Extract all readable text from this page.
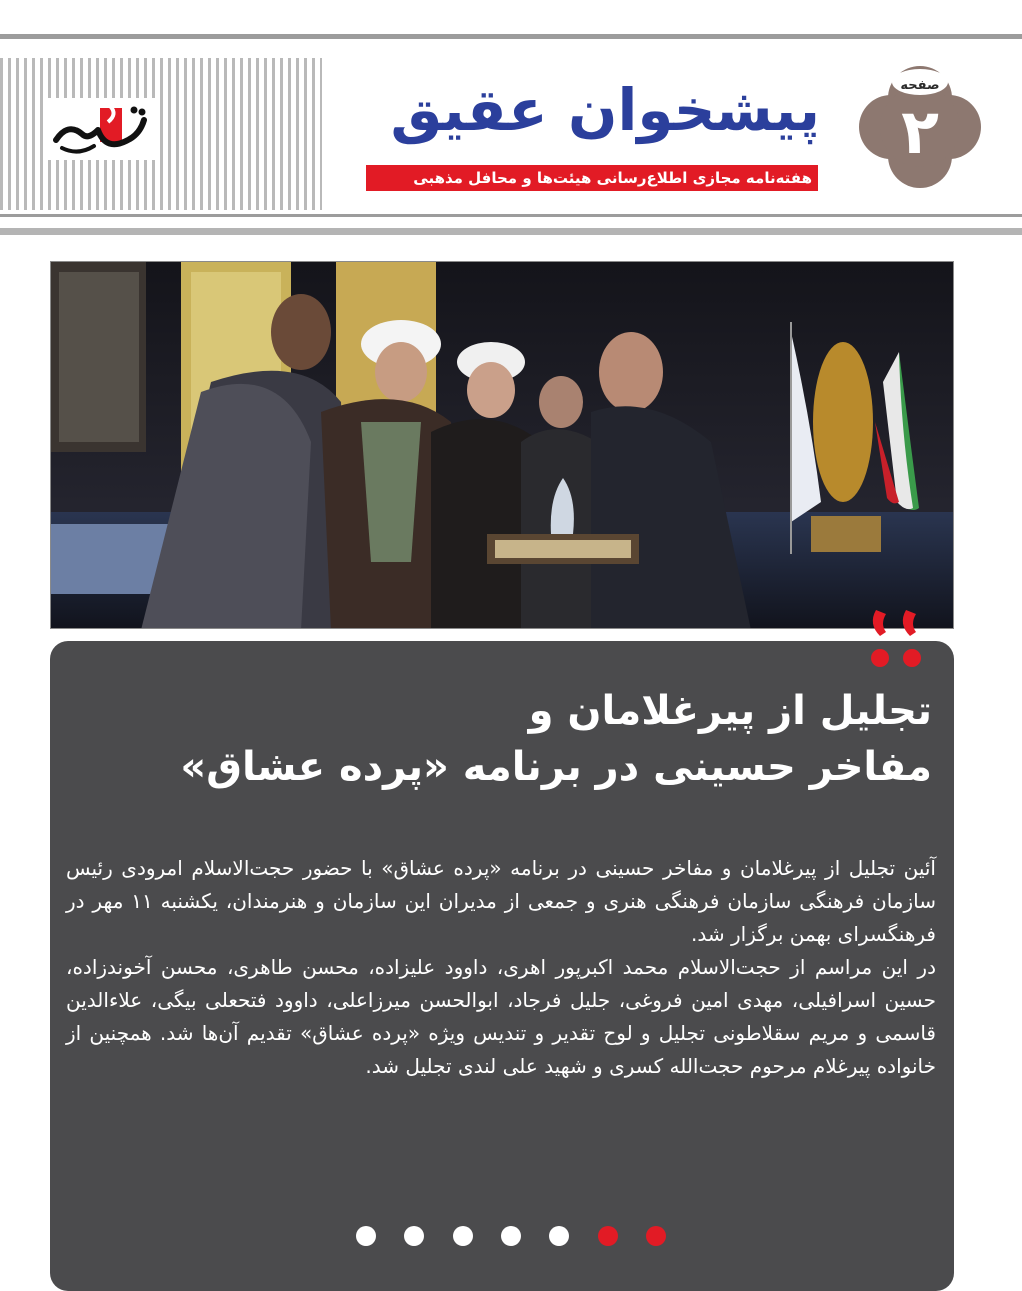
پیشخوان عقیق
هفته‌نامه مجازی اطلاع‌رسانی هیئت‌ها و محافل مذهبی
صفحه
۲
تجلیل از پیرغلامان و
مفاخر حسینی در برنامه «پرده عشاق»

آئین تجلیل از پیرغلامان و مفاخر حسینی در برنامه «پرده عشاق» با حضور حجت‌الاسلام امرودی رئیس سازمان فرهنگی سازمان فرهنگی هنری و جمعی از مدیران این سازمان و هنرمندان، یکشنبه ۱۱ مهر در فرهنگسرای بهمن برگزار شد.

در این مراسم از حجت‌الاسلام محمد اکبرپور اهری، داوود علیزاده، محسن طاهری، محسن آخوندزاده، حسین اسرافیلی، مهدی امین فروغی، جلیل فرجاد، ابوالحسن میرزاعلی، داوود فتحعلی بیگی، علاءالدین قاسمی و مریم سقلاطونی تجلیل و لوح تقدیر و تندیس ویژه «پرده عشاق» تقدیم آن‌ها شد. همچنین از خانواده پیرغلام مرحوم حجت‌الله کسری و شهید علی لندی تجلیل شد.
